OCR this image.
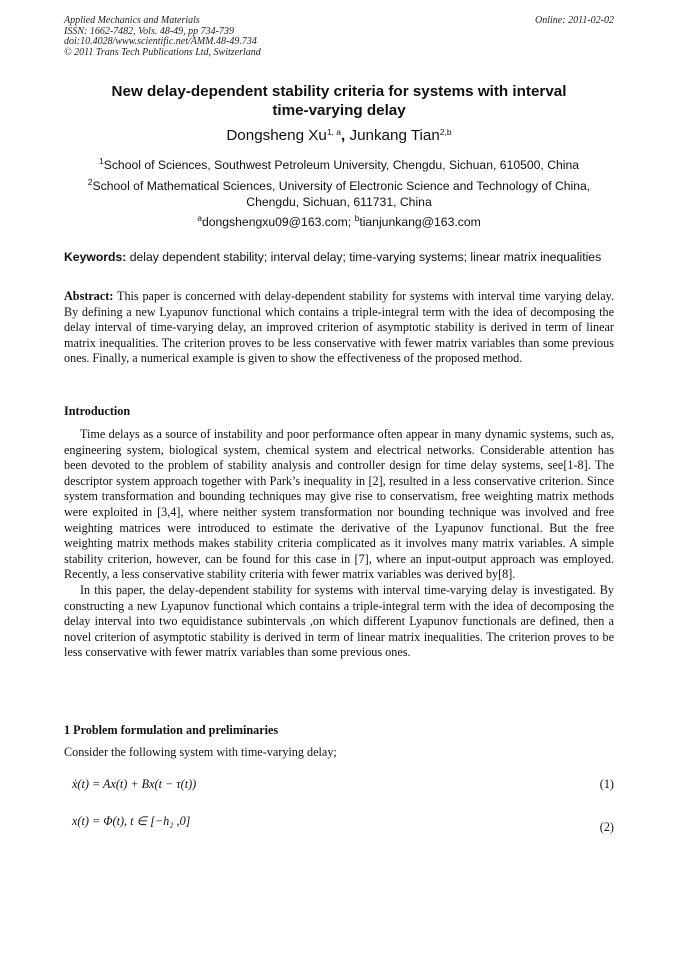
Applied Mechanics and Materials
ISSN: 1662-7482, Vols. 48-49, pp 734-739
doi:10.4028/www.scientific.net/AMM.48-49.734
© 2011 Trans Tech Publications Ltd, Switzerland
Online: 2011-02-02
New delay-dependent stability criteria for systems with interval
time-varying delay
Dongsheng Xu$^{1, a}$, Junkang Tian$^{2,b}$
$^1$School of Sciences, Southwest Petroleum University, Chengdu, Sichuan, 610500, China
$^2$School of Mathematical Sciences, University of Electronic Science and Technology of China,
Chengdu, Sichuan, 611731, China
$^a$dongshengxu09@163.com; $^b$tianjunkang@163.com
Keywords: delay dependent stability; interval delay; time-varying systems; linear matrix inequalities
Abstract: This paper is concerned with delay-dependent stability for systems with interval time varying delay. By defining a new Lyapunov functional which contains a triple-integral term with the idea of decomposing the delay interval of time-varying delay, an improved criterion of asymptotic stability is derived in term of linear matrix inequalities. The criterion proves to be less conservative with fewer matrix variables than some previous ones. Finally, a numerical example is given to show the effectiveness of the proposed method.
Introduction

Time delays as a source of instability and poor performance often appear in many dynamic systems, such as, engineering system, biological system, chemical system and electrical networks. Considerable attention has been devoted to the problem of stability analysis and controller design for time delay systems, see[1-8]. The descriptor system approach together with Park’s inequality in [2], resulted in a less conservative criterion. Since system transformation and bounding techniques may give rise to conservatism, free weighting matrix methods were exploited in [3,4], where neither system transformation nor bounding technique was involved and free weighting matrices were introduced to estimate the derivative of the Lyapunov functional. But the free weighting matrix methods makes stability criteria complicated as it involves many matrix variables. A simple stability criterion, however, can be found for this case in [7], where an input-output approach was employed. Recently, a less conservative stability criteria with fewer matrix variables was derived by[8].

In this paper, the delay-dependent stability for systems with interval time-varying delay is investigated. By constructing a new Lyapunov functional which contains a triple-integral term with the idea of decomposing the delay interval into two equidistance subintervals ,on which different Lyapunov functionals are defined, then a novel criterion of asymptotic stability is derived in term of linear matrix inequalities. The criterion proves to be less conservative with fewer matrix variables than some previous ones.

1 Problem formulation and preliminaries
Consider the following system with time-varying delay;
ẋ(t) = Ax(t) + Bx(t − τ(t))	(1)
x(t) = Φ(t), t ∈ [−h₂ ,0]	(2)
